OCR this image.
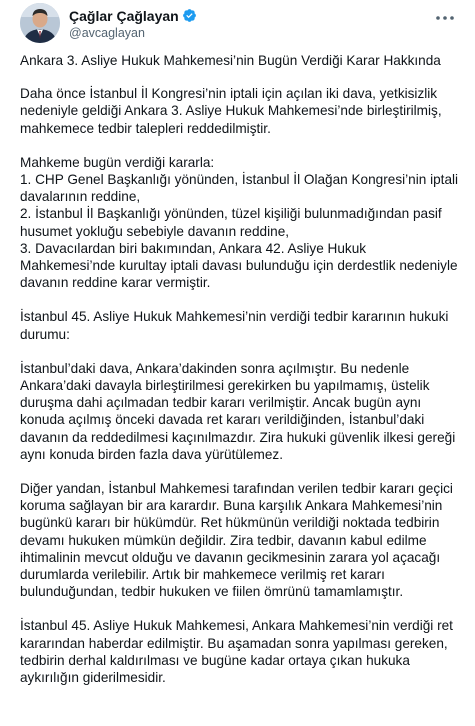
Çağlar Çağlayan
@avcaglayan

Ankara 3. Asliye Hukuk Mahkemesi’nin Bugün Verdiği Karar Hakkında

Daha önce İstanbul İl Kongresi’nin iptali için açılan iki dava, yetkisizlik nedeniyle geldiği Ankara 3. Asliye Hukuk Mahkemesi’nde birleştirilmiş, mahkemece tedbir talepleri reddedilmiştir.

Mahkeme bugün verdiği kararla:
1. CHP Genel Başkanlığı yönünden, İstanbul İl Olağan Kongresi’nin iptali davalarının reddine,
2. İstanbul İl Başkanlığı yönünden, tüzel kişiliği bulunmadığından pasif husumet yokluğu sebebiyle davanın reddine,
3. Davacılardan biri bakımından, Ankara 42. Asliye Hukuk Mahkemesi’nde kurultay iptali davası bulunduğu için derdestlik nedeniyle davanın reddine karar vermiştir.

İstanbul 45. Asliye Hukuk Mahkemesi’nin verdiği tedbir kararının hukuki durumu:

İstanbul’daki dava, Ankara’dakinden sonra açılmıştır. Bu nedenle Ankara’daki davayla birleştirilmesi gerekirken bu yapılmamış, üstelik duruşma dahi açılmadan tedbir kararı verilmiştir. Ancak bugün aynı konuda açılmış önceki davada ret kararı verildiğinden, İstanbul’daki davanın da reddedilmesi kaçınılmazdır. Zira hukuki güvenlik ilkesi gereği aynı konuda birden fazla dava yürütülemez.

Diğer yandan, İstanbul Mahkemesi tarafından verilen tedbir kararı geçici koruma sağlayan bir ara karardır. Buna karşılık Ankara Mahkemesi’nin bugünkü kararı bir hükümdür. Ret hükmünün verildiği noktada tedbirin devamı hukuken mümkün değildir. Zira tedbir, davanın kabul edilme ihtimalinin mevcut olduğu ve davanın gecikmesinin zarara yol açacağı durumlarda verilebilir. Artık bir mahkemece verilmiş ret kararı bulunduğundan, tedbir hukuken ve fiilen ömrünü tamamlamıştır.

İstanbul 45. Asliye Hukuk Mahkemesi, Ankara Mahkemesi’nin verdiği ret kararından haberdar edilmiştir. Bu aşamadan sonra yapılması gereken, tedbirin derhal kaldırılması ve bugüne kadar ortaya çıkan hukuka aykırılığın giderilmesidir.
